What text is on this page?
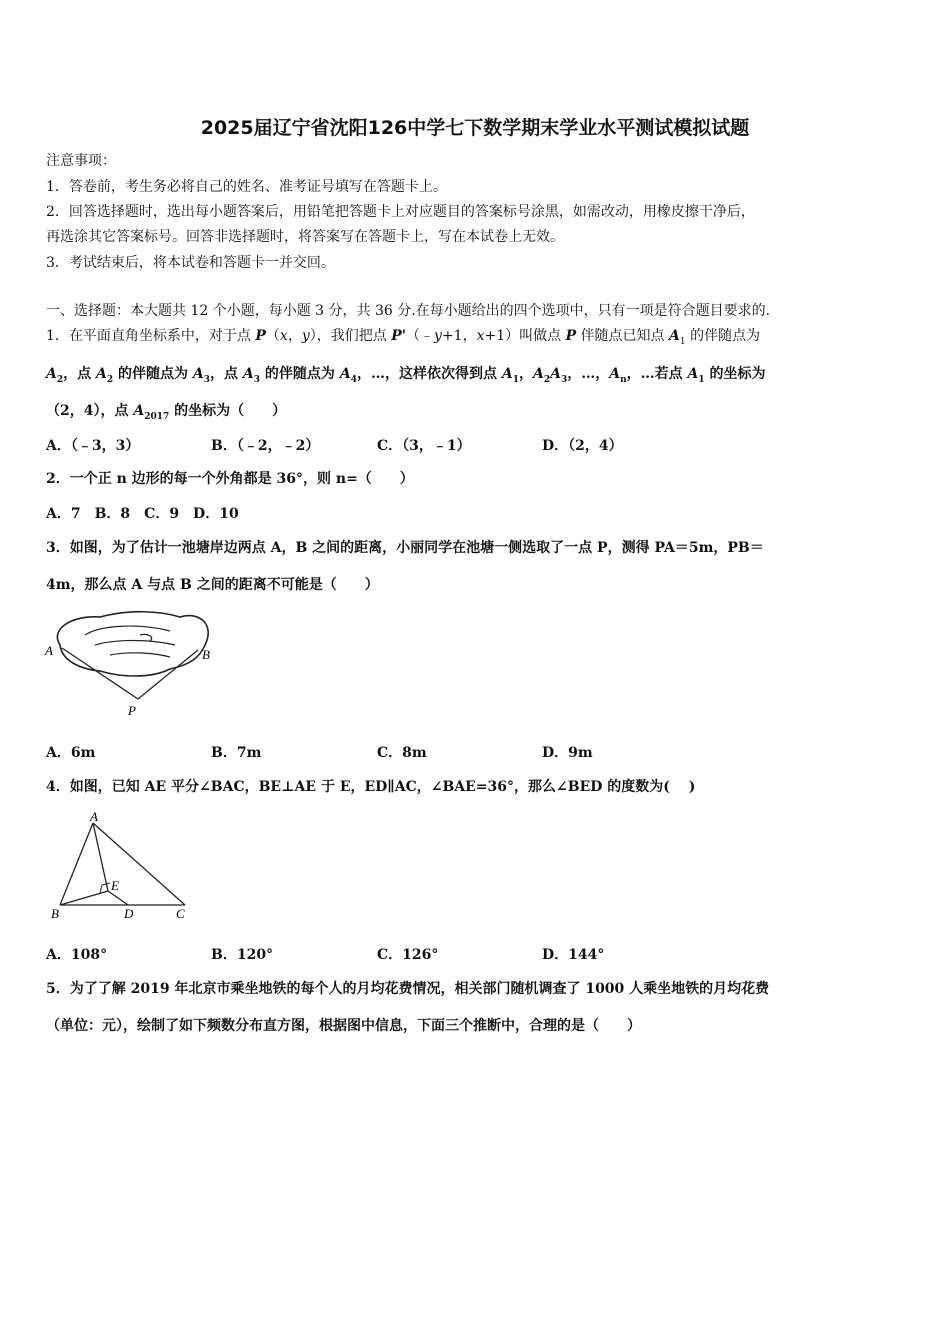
2025届辽宁省沈阳126中学七下数学期末学业水平测试模拟试题
注意事项：
1．答卷前，考生务必将自己的姓名、准考证号填写在答题卡上。
2．回答选择题时，选出每小题答案后，用铅笔把答题卡上对应题目的答案标号涂黑，如需改动，用橡皮擦干净后，
再选涂其它答案标号。回答非选择题时，将答案写在答题卡上，写在本试卷上无效。
3．考试结束后，将本试卷和答题卡一并交回。
一、选择题：本大题共 12 个小题，每小题 3 分，共 36 分.在每小题给出的四个选项中，只有一项是符合题目要求的.
1．在平面直角坐标系中，对于点 P（x，y），我们把点 P'（﹣y+1，x+1）叫做点 P 伴随点已知点 $A_1$ 的伴随点为
$A_2$，点 $A_2$ 的伴随点为 $A_3$，点 $A_3$ 的伴随点为 $A_4$，…，这样依次得到点 $A_1$，$A_2A_3$，…，$A_n$，…若点 $A_1$ 的坐标为
（2，4），点 $A_{2017}$ 的坐标为（　　）
A．（﹣3，3）	B．（﹣2，﹣2）	C．（3，﹣1）	D．（2，4）
2．一个正 n 边形的每一个外角都是 36°，则 n=（　　）
A．7　B．8　C．9　D．10
3．如图，为了估计一池塘岸边两点 A，B 之间的距离，小丽同学在池塘一侧选取了一点 P，测得 PA＝5m，PB＝
4m，那么点 A 与点 B 之间的距离不可能是（　　）
A	B
P
A．6m	B．7m	C．8m	D．9m
4．如图，已知 AE 平分∠BAC，BE⊥AE 于 E，ED∥AC，∠BAE=36°，那么∠BED 的度数为(　 )
A
E
B	D	C
A．108°	B．120°	C．126°	D．144°
5．为了了解 2019 年北京市乘坐地铁的每个人的月均花费情况，相关部门随机调查了 1000 人乘坐地铁的月均花费
（单位：元），绘制了如下频数分布直方图，根据图中信息，下面三个推断中，合理的是（　　）
